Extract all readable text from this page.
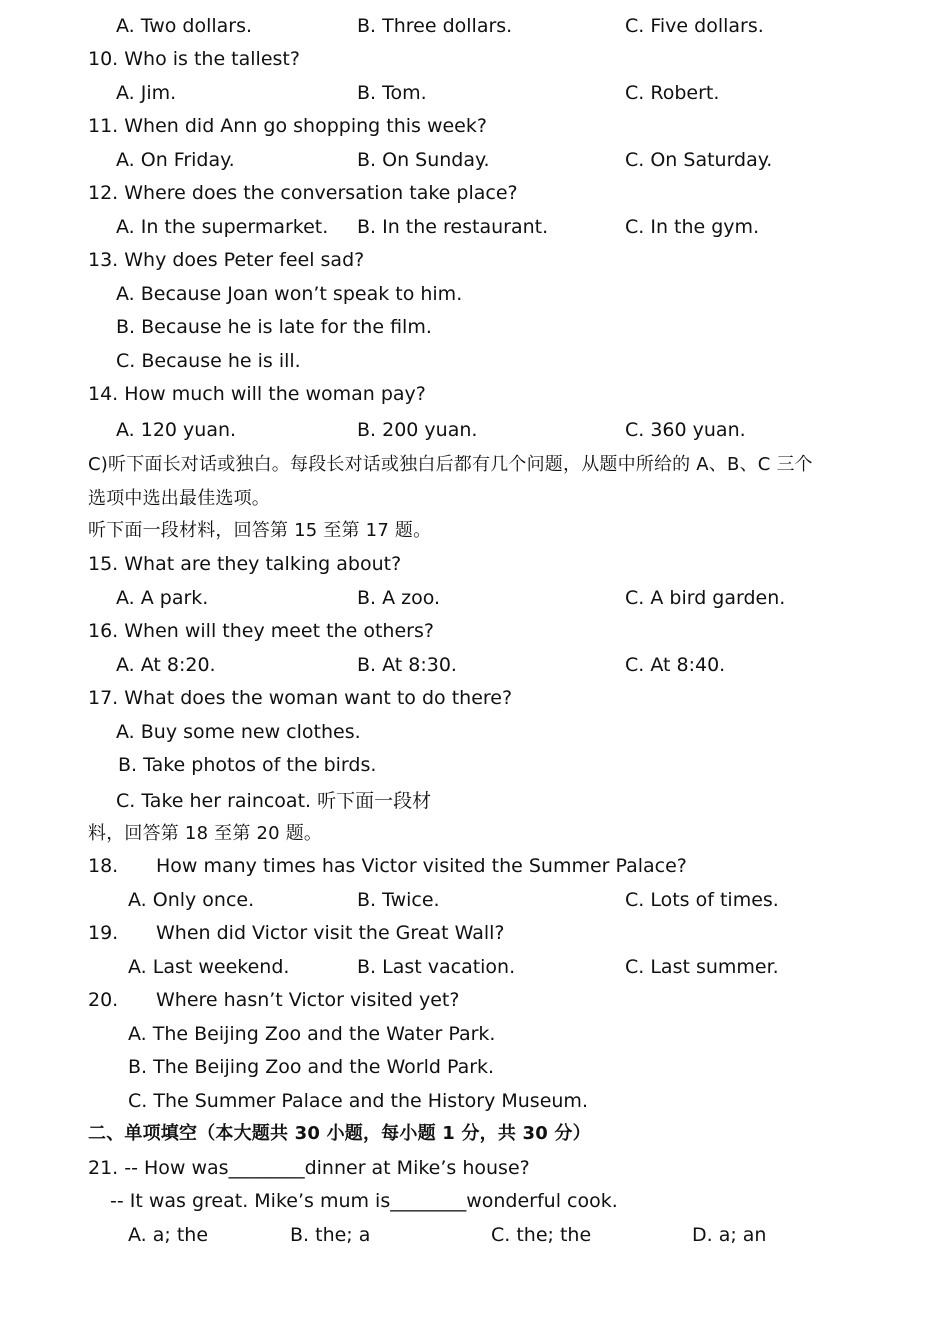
A. Two dollars.	B. Three dollars.	C. Five dollars.
10. Who is the tallest?
A. Jim.	B. Tom.	C. Robert.
11. When did Ann go shopping this week?
A. On Friday.	B. On Sunday.	C. On Saturday.
12. Where does the conversation take place?
A. In the supermarket. B. In the restaurant.	C. In the gym.
13. Why does Peter feel sad?
A. Because Joan won’t speak to him.
B. Because he is late for the film.
C. Because he is ill.
14. How much will the woman pay?
A. 120 yuan.	B. 200 yuan.	C. 360 yuan.
C)听下面长对话或独白。每段长对话或独白后都有几个问题，从题中所给的 A、B、C 三个
选项中选出最佳选项。
听下面一段材料，回答第 15 至第 17 题。
15. What are they talking about?
A. A park.	B. A zoo.	C. A bird garden.
16. When will they meet the others?
A. At 8:20.	B. At 8:30.	C. At 8:40.
17. What does the woman want to do there?
A. Buy some new clothes.
B. Take photos of the birds.
C. Take her raincoat. 听下面一段材
料，回答第 18 至第 20 题。
18. How many times has Victor visited the Summer Palace?
A. Only once.	B. Twice.	C. Lots of times.
19. When did Victor visit the Great Wall?
A. Last weekend.	B. Last vacation.	C. Last summer.
20. Where hasn’t Victor visited yet?
A. The Beijing Zoo and the Water Park.
B. The Beijing Zoo and the World Park.
C. The Summer Palace and the History Museum.
二、单项填空（本大题共 30 小题，每小题 1 分，共 30 分）
21. -- How was________dinner at Mike’s house?
-- It was great. Mike’s mum is________wonderful cook.
A. a; the	B. the; a	C. the; the	D. a; an
